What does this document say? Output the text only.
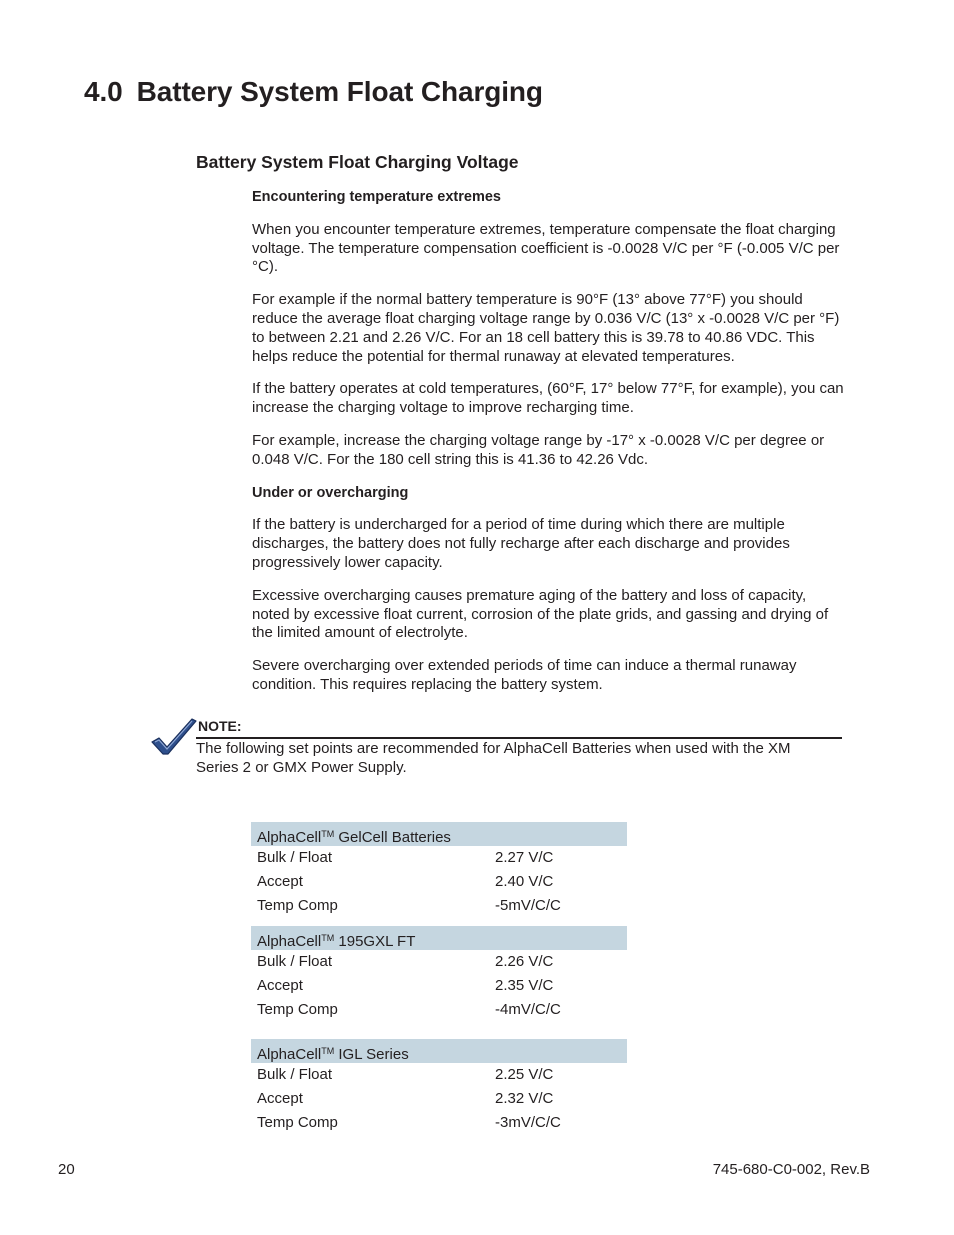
4.0 Battery System Float Charging
Battery System Float Charging Voltage
Encountering temperature extremes

When you encounter temperature extremes, temperature compensate the float charging voltage. The temperature compensation coefficient is -0.0028 V/C per °F (-0.005 V/C per °C).

For example if the normal battery temperature is 90°F (13° above 77°F) you should reduce the average float charging voltage range by 0.036 V/C (13° x -0.0028 V/C per °F) to between 2.21 and 2.26 V/C. For an 18 cell battery this is 39.78 to 40.86 VDC. This helps reduce the potential for thermal runaway at elevated temperatures.

If the battery operates at cold temperatures, (60°F, 17° below 77°F, for example), you can increase the charging voltage to improve recharging time.

For example, increase the charging voltage range by -17° x -0.0028 V/C per degree or 0.048 V/C. For the 180 cell string this is 41.36 to 42.26 Vdc.

Under or overcharging

If the battery is undercharged for a period of time during which there are multiple discharges, the battery does not fully recharge after each discharge and provides progressively lower capacity.

Excessive overcharging causes premature aging of the battery and loss of capacity, noted by excessive float current, corrosion of the plate grids, and gassing and drying of the limited amount of electrolyte.

Severe overcharging over extended periods of time can induce a thermal runaway condition. This requires replacing the battery system.

NOTE:
The following set points are recommended for AlphaCell Batteries when used with the XM Series 2 or GMX Power Supply.
AlphaCell™ GelCell Batteries
Bulk / Float	2.27 V/C
Accept	2.40 V/C
Temp Comp	-5mV/C/C
AlphaCell™ 195GXL FT
Bulk / Float	2.26 V/C
Accept	2.35 V/C
Temp Comp	-4mV/C/C
AlphaCell™ IGL Series
Bulk / Float	2.25 V/C
Accept	2.32 V/C
Temp Comp	-3mV/C/C
20	745-680-C0-002, Rev.B
